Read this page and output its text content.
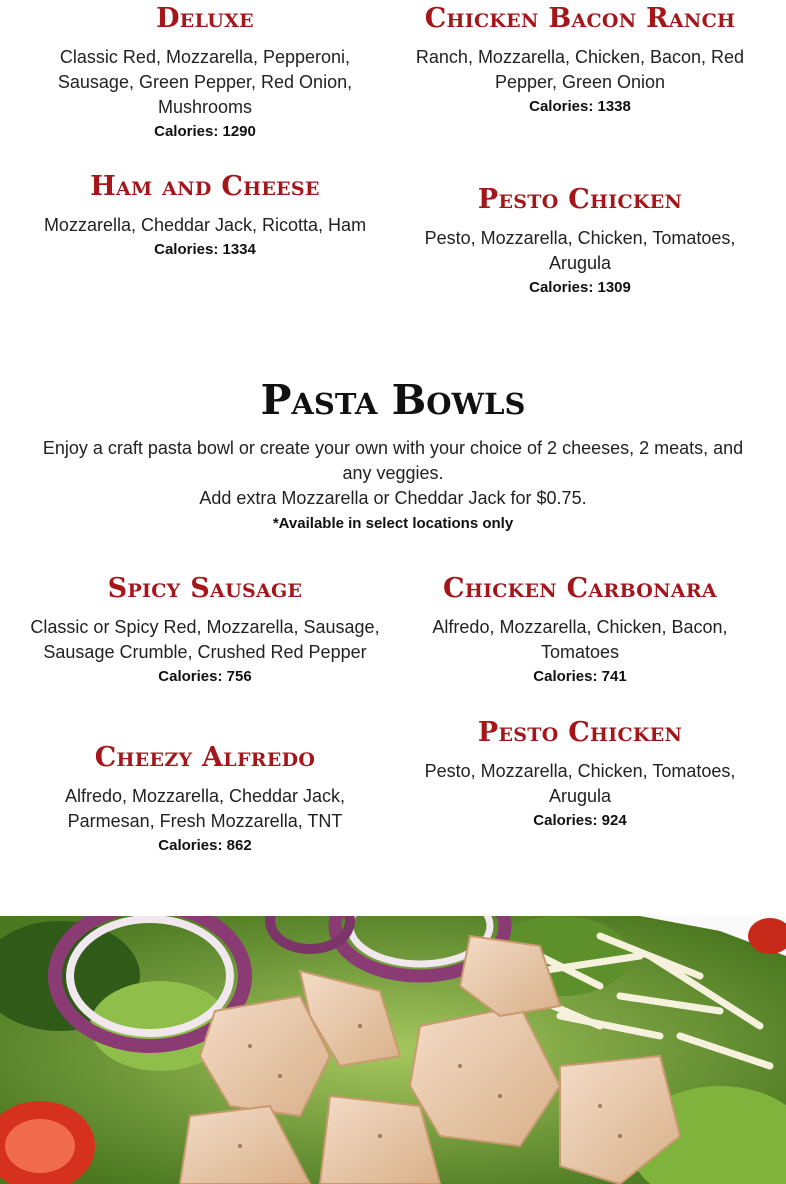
Deluxe

Classic Red, Mozzarella, Pepperoni, Sausage, Green Pepper, Red Onion, Mushrooms

Calories: 1290

Chicken Bacon Ranch

Ranch, Mozzarella, Chicken, Bacon, Red Pepper, Green Onion

Calories: 1338

Ham and Cheese

Mozzarella, Cheddar Jack, Ricotta, Ham

Calories: 1334

Pesto Chicken

Pesto, Mozzarella, Chicken, Tomatoes, Arugula

Calories: 1309

Pasta Bowls

Enjoy a craft pasta bowl or create your own with your choice of 2 cheeses, 2 meats, and any veggies.

Add extra Mozzarella or Cheddar Jack for $0.75.

*Available in select locations only

Spicy Sausage

Classic or Spicy Red, Mozzarella, Sausage, Sausage Crumble, Crushed Red Pepper

Calories: 756

Chicken Carbonara

Alfredo, Mozzarella, Chicken, Bacon, Tomatoes

Calories: 741

Cheezy Alfredo

Alfredo, Mozzarella, Cheddar Jack, Parmesan, Fresh Mozzarella, TNT

Calories: 862

Pesto Chicken

Pesto, Mozzarella, Chicken, Tomatoes, Arugula

Calories: 924
